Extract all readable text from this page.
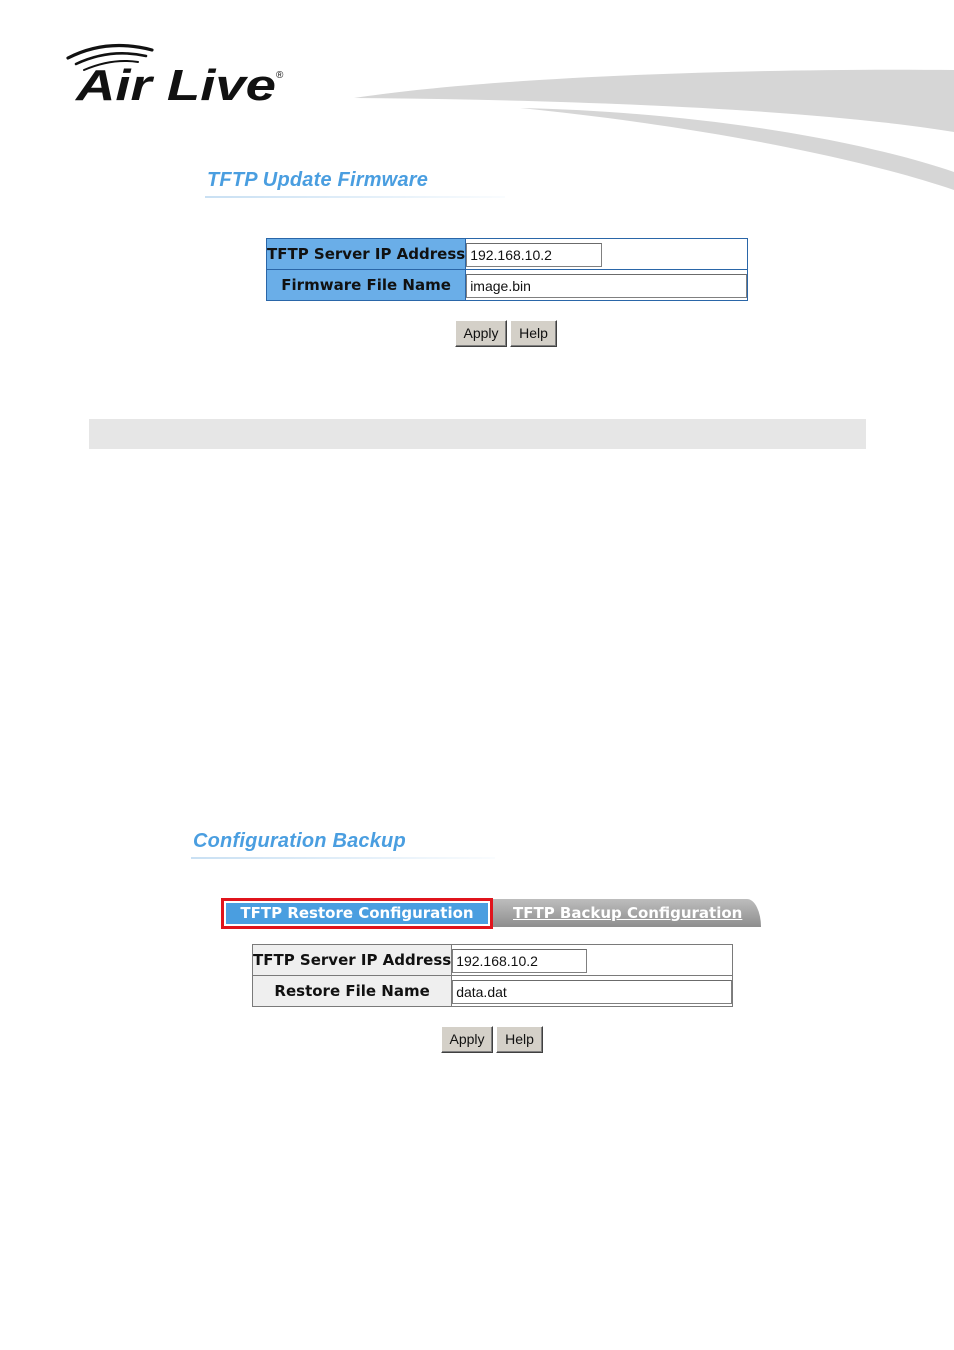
Air Live ®
TFTP Update Firmware
TFTP Server IP Address	192.168.10.2

Firmware File Name	image.bin
Apply	Help
Configuration Backup
TFTP Backup Configuration
TFTP Restore Configuration
TFTP Server IP Address	192.168.10.2

Restore File Name	data.dat
Apply	Help
